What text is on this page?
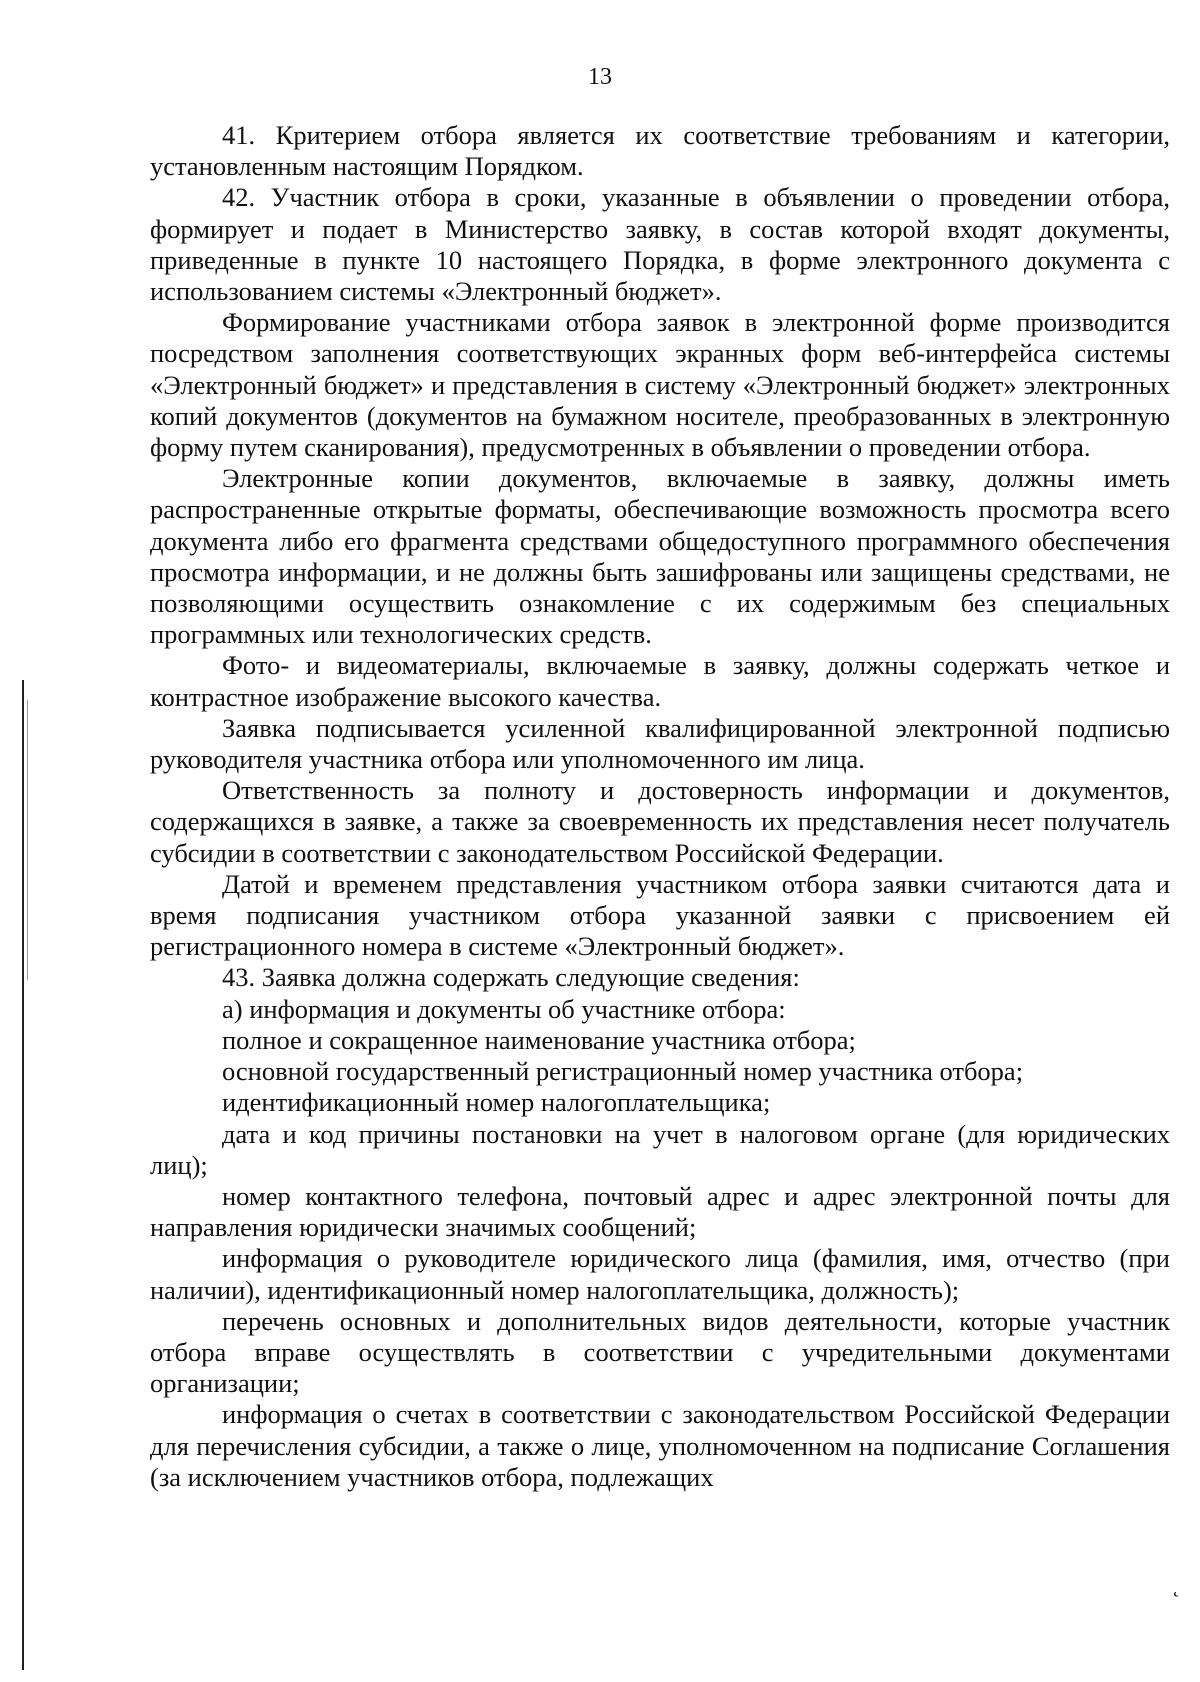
13

41. Критерием отбора является их соответствие требованиям и категории, установленным настоящим Порядком.

42. Участник отбора в сроки, указанные в объявлении о проведении отбора, формирует и подает в Министерство заявку, в состав которой входят документы, приведенные в пункте 10 настоящего Порядка, в форме электронного документа с использованием системы «Электронный бюджет».

Формирование участниками отбора заявок в электронной форме производится посредством заполнения соответствующих экранных форм веб-интерфейса системы «Электронный бюджет» и представления в систему «Электронный бюджет» электронных копий документов (документов на бумажном носителе, преобразованных в электронную форму путем сканирования), предусмотренных в объявлении о проведении отбора.

Электронные копии документов, включаемые в заявку, должны иметь распространенные открытые форматы, обеспечивающие возможность просмотра всего документа либо его фрагмента средствами общедоступного программного обеспечения просмотра информации, и не должны быть зашифрованы или защищены средствами, не позволяющими осуществить ознакомление с их содержимым без специальных программных или технологических средств.

Фото- и видеоматериалы, включаемые в заявку, должны содержать четкое и контрастное изображение высокого качества.

Заявка подписывается усиленной квалифицированной электронной подписью руководителя участника отбора или уполномоченного им лица.

Ответственность за полноту и достоверность информации и документов, содержащихся в заявке, а также за своевременность их представления несет получатель субсидии в соответствии с законодательством Российской Федерации.

Датой и временем представления участником отбора заявки считаются дата и время подписания участником отбора указанной заявки с присвоением ей регистрационного номера в системе «Электронный бюджет».

43. Заявка должна содержать следующие сведения:

а) информация и документы об участнике отбора:

полное и сокращенное наименование участника отбора;

основной государственный регистрационный номер участника отбора;

идентификационный номер налогоплательщика;

дата и код причины постановки на учет в налоговом органе (для юридических лиц);

номер контактного телефона, почтовый адрес и адрес электронной почты для направления юридически значимых сообщений;

информация о руководителе юридического лица (фамилия, имя, отчество (при наличии), идентификационный номер налогоплательщика, должность);

перечень основных и дополнительных видов деятельности, которые участник отбора вправе осуществлять в соответствии с учредительными документами организации;

информация о счетах в соответствии с законодательством Российской Федерации для перечисления субсидии, а также о лице, уполномоченном на подписание Соглашения (за исключением участников отбора, подлежащих

˛
